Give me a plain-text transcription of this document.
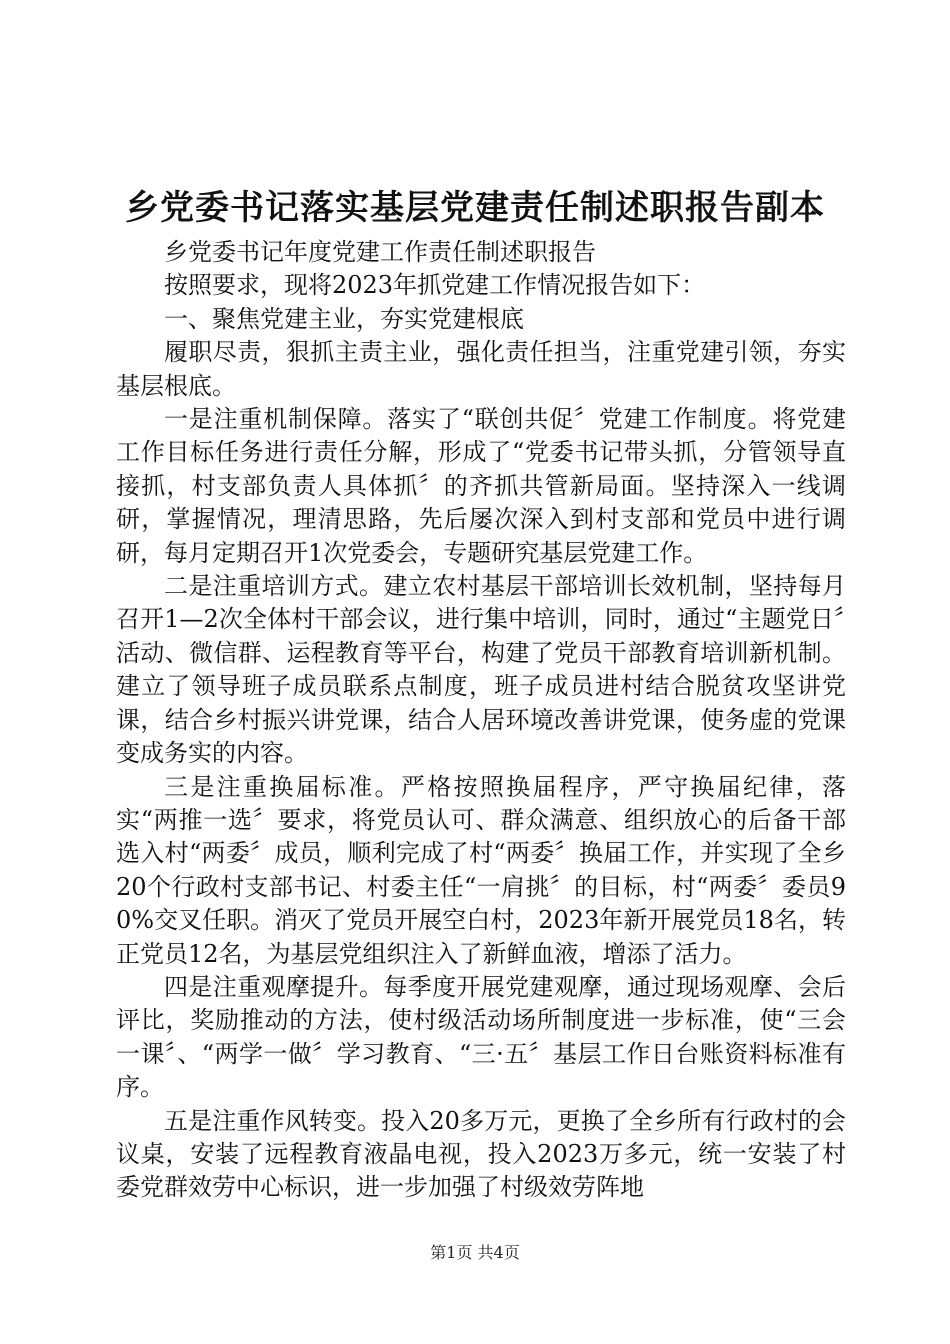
乡党委书记落实基层党建责任制述职报告副本

乡党委书记年度党建工作责任制述职报告

按照要求，现将2023年抓党建工作情况报告如下：

一、聚焦党建主业，夯实党建根底

履职尽责，狠抓主责主业，强化责任担当，注重党建引领，夯实基层根底。

一是注重机制保障。落实了“联创共促〞党建工作制度。将党建工作目标任务进行责任分解，形成了“党委书记带头抓，分管领导直接抓，村支部负责人具体抓〞的齐抓共管新局面。坚持深入一线调研，掌握情况，理清思路，先后屡次深入到村支部和党员中进行调研，每月定期召开1次党委会，专题研究基层党建工作。

二是注重培训方式。建立农村基层干部培训长效机制，坚持每月召开1—2次全体村干部会议，进行集中培训，同时，通过“主题党日〞活动、微信群、运程教育等平台，构建了党员干部教育培训新机制。建立了领导班子成员联系点制度，班子成员进村结合脱贫攻坚讲党课，结合乡村振兴讲党课，结合人居环境改善讲党课，使务虚的党课变成务实的内容。

三是注重换届标准。严格按照换届程序，严守换届纪律，落实“两推一选〞要求，将党员认可、群众满意、组织放心的后备干部选入村“两委〞成员，顺利完成了村“两委〞换届工作，并实现了全乡20个行政村支部书记、村委主任“一肩挑〞的目标，村“两委〞委员90%交叉任职。消灭了党员开展空白村，2023年新开展党员18名，转正党员12名，为基层党组织注入了新鲜血液，增添了活力。

四是注重观摩提升。每季度开展党建观摩，通过现场观摩、会后评比，奖励推动的方法，使村级活动场所制度进一步标准，使“三会一课〞、“两学一做〞学习教育、“三·五〞基层工作日台账资料标准有序。

五是注重作风转变。投入20多万元，更换了全乡所有行政村的会议桌，安装了远程教育液晶电视，投入2023万多元，统一安装了村委党群效劳中心标识，进一步加强了村级效劳阵地

第1页 共4页
